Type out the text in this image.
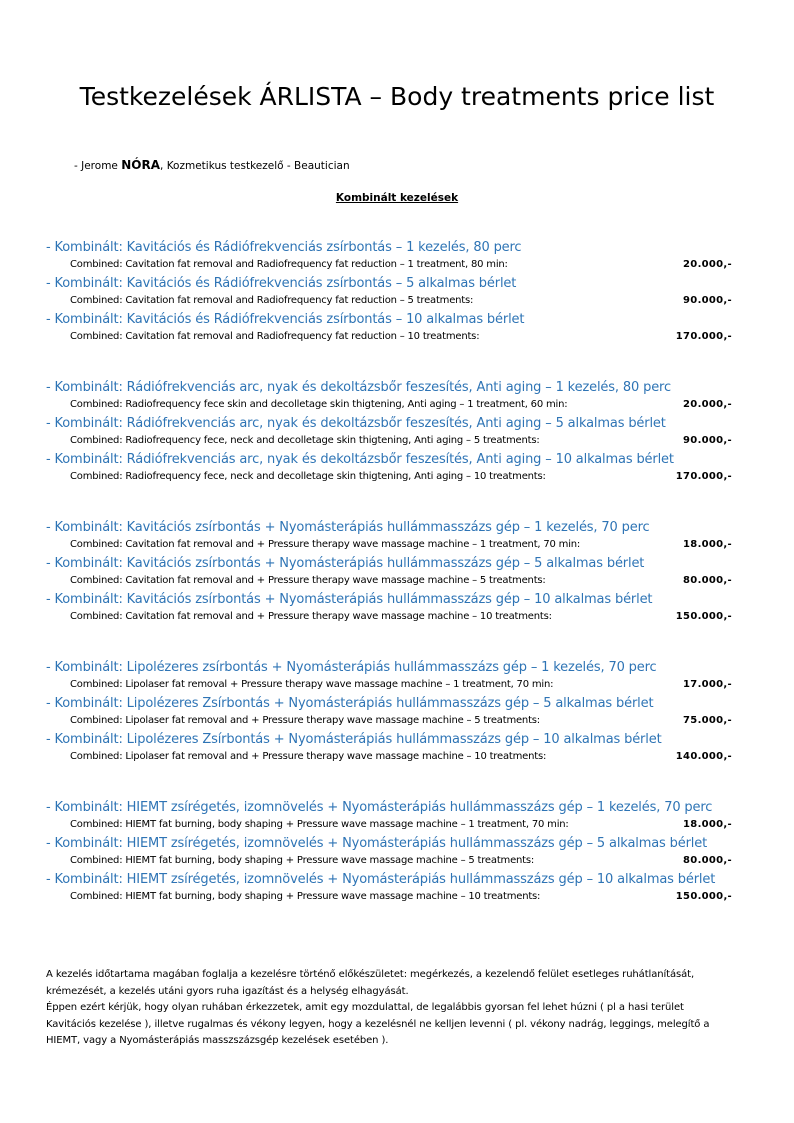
Testkezelések ÁRLISTA – Body treatments price list
- Jerome NÓRA, Kozmetikus testkezelő - Beautician
Kombinált kezelések
- Kombinált: Kavitációs és Rádiófrekvenciás zsírbontás – 1 kezelés, 80 perc
Combined: Cavitation fat removal and Radiofrequency fat reduction – 1 treatment, 80 min:	20.000,-
- Kombinált: Kavitációs és Rádiófrekvenciás zsírbontás – 5 alkalmas bérlet
Combined: Cavitation fat removal and Radiofrequency fat reduction – 5 treatments:	90.000,-
- Kombinált: Kavitációs és Rádiófrekvenciás zsírbontás – 10 alkalmas bérlet
Combined: Cavitation fat removal and Radiofrequency fat reduction – 10 treatments:	170.000,-
- Kombinált: Rádiófrekvenciás arc, nyak és dekoltázsbőr feszesítés, Anti aging – 1 kezelés, 80 perc
Combined: Radiofrequency fece skin and decolletage skin thigtening, Anti aging – 1 treatment, 60 min:	20.000,-
- Kombinált: Rádiófrekvenciás arc, nyak és dekoltázsbőr feszesítés, Anti aging – 5 alkalmas bérlet
Combined: Radiofrequency fece, neck and decolletage skin thigtening, Anti aging – 5 treatments:	90.000,-
- Kombinált: Rádiófrekvenciás arc, nyak és dekoltázsbőr feszesítés, Anti aging – 10 alkalmas bérlet
Combined: Radiofrequency fece, neck and decolletage skin thigtening, Anti aging – 10 treatments:	170.000,-
- Kombinált: Kavitációs zsírbontás + Nyomásterápiás hullámmasszázs gép – 1 kezelés, 70 perc
Combined: Cavitation fat removal and + Pressure therapy wave massage machine – 1 treatment, 70 min:	18.000,-
- Kombinált: Kavitációs zsírbontás + Nyomásterápiás hullámmasszázs gép – 5 alkalmas bérlet
Combined: Cavitation fat removal and + Pressure therapy wave massage machine – 5 treatments:	80.000,-
- Kombinált: Kavitációs zsírbontás + Nyomásterápiás hullámmasszázs gép – 10 alkalmas bérlet
Combined: Cavitation fat removal and + Pressure therapy wave massage machine – 10 treatments:	150.000,-
- Kombinált: Lipolézeres zsírbontás + Nyomásterápiás hullámmasszázs gép – 1 kezelés, 70 perc
Combined: Lipolaser fat removal + Pressure therapy wave massage machine – 1 treatment, 70 min:	17.000,-
- Kombinált: Lipolézeres Zsírbontás + Nyomásterápiás hullámmasszázs gép – 5 alkalmas bérlet
Combined: Lipolaser fat removal and + Pressure therapy wave massage machine – 5 treatments:	75.000,-
- Kombinált: Lipolézeres Zsírbontás + Nyomásterápiás hullámmasszázs gép – 10 alkalmas bérlet
Combined: Lipolaser fat removal and + Pressure therapy wave massage machine – 10 treatments:	140.000,-
- Kombinált: HIEMT zsírégetés, izomnövelés + Nyomásterápiás hullámmasszázs gép – 1 kezelés, 70 perc
Combined: HIEMT fat burning, body shaping + Pressure wave massage machine – 1 treatment, 70 min:	18.000,-
- Kombinált: HIEMT zsírégetés, izomnövelés + Nyomásterápiás hullámmasszázs gép – 5 alkalmas bérlet
Combined: HIEMT fat burning, body shaping + Pressure wave massage machine – 5 treatments:	80.000,-
- Kombinált: HIEMT zsírégetés, izomnövelés + Nyomásterápiás hullámmasszázs gép – 10 alkalmas bérlet
Combined: HIEMT fat burning, body shaping + Pressure wave massage machine – 10 treatments:	150.000,-

A kezelés időtartama magában foglalja a kezelésre történő előkészületet: megérkezés, a kezelendő felület esetleges ruhátlanítását, krémezését, a kezelés utáni gyors ruha igazítást és a helység elhagyását.

Éppen ezért kérjük, hogy olyan ruhában érkezzetek, amit egy mozdulattal, de legalábbis gyorsan fel lehet húzni ( pl a hasi terület Kavitációs kezelése ), illetve rugalmas és vékony legyen, hogy a kezelésnél ne kelljen levenni ( pl. vékony nadrág, leggings, melegítő a HIEMT, vagy a Nyomásterápiás masszszázsgép kezelések esetében ).
